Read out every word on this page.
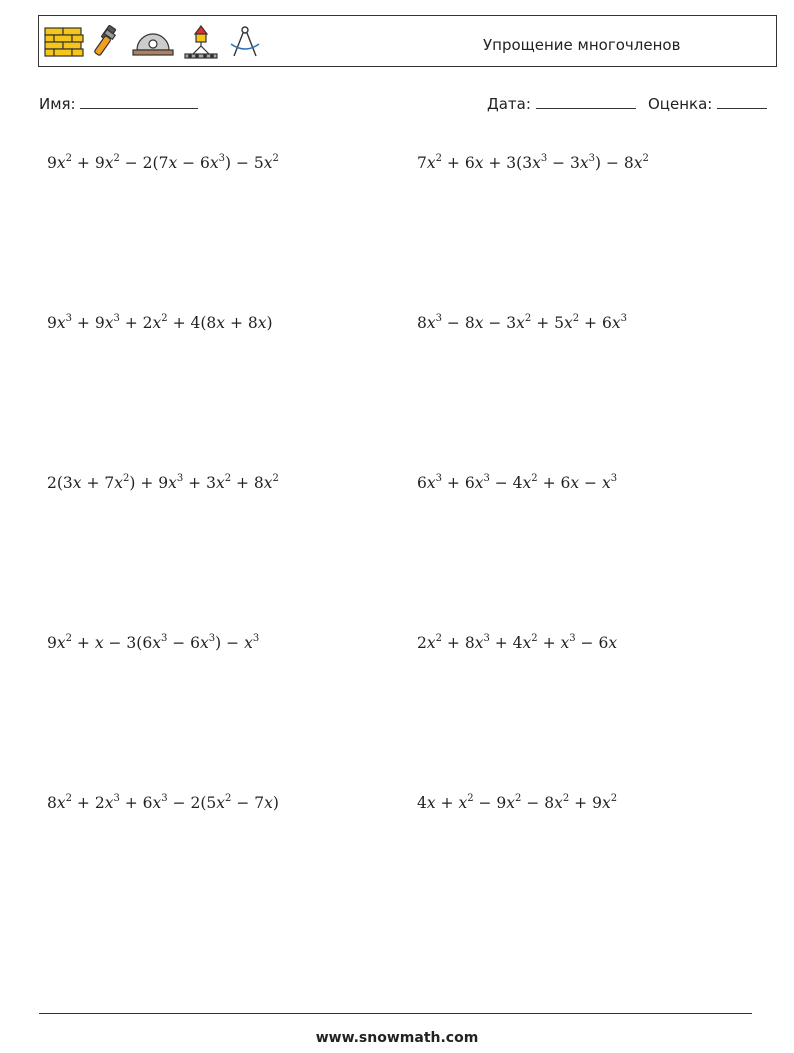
Упрощение многочленов
Имя:	Дата:	Оценка:
$9x^2 + 9x^2 - 2(7x - 6x^3) - 5x^2$	$7x^2 + 6x + 3(3x^3 - 3x^3) - 8x^2$
$9x^3 + 9x^3 + 2x^2 + 4(8x + 8x)$	$8x^3 - 8x - 3x^2 + 5x^2 + 6x^3$
$2(3x + 7x^2) + 9x^3 + 3x^2 + 8x^2$	$6x^3 + 6x^3 - 4x^2 + 6x - x^3$
$9x^2 + x - 3(6x^3 - 6x^3) - x^3$	$2x^2 + 8x^3 + 4x^2 + x^3 - 6x$
$8x^2 + 2x^3 + 6x^3 - 2(5x^2 - 7x)$	$4x + x^2 - 9x^2 - 8x^2 + 9x^2$
www.snowmath.com
